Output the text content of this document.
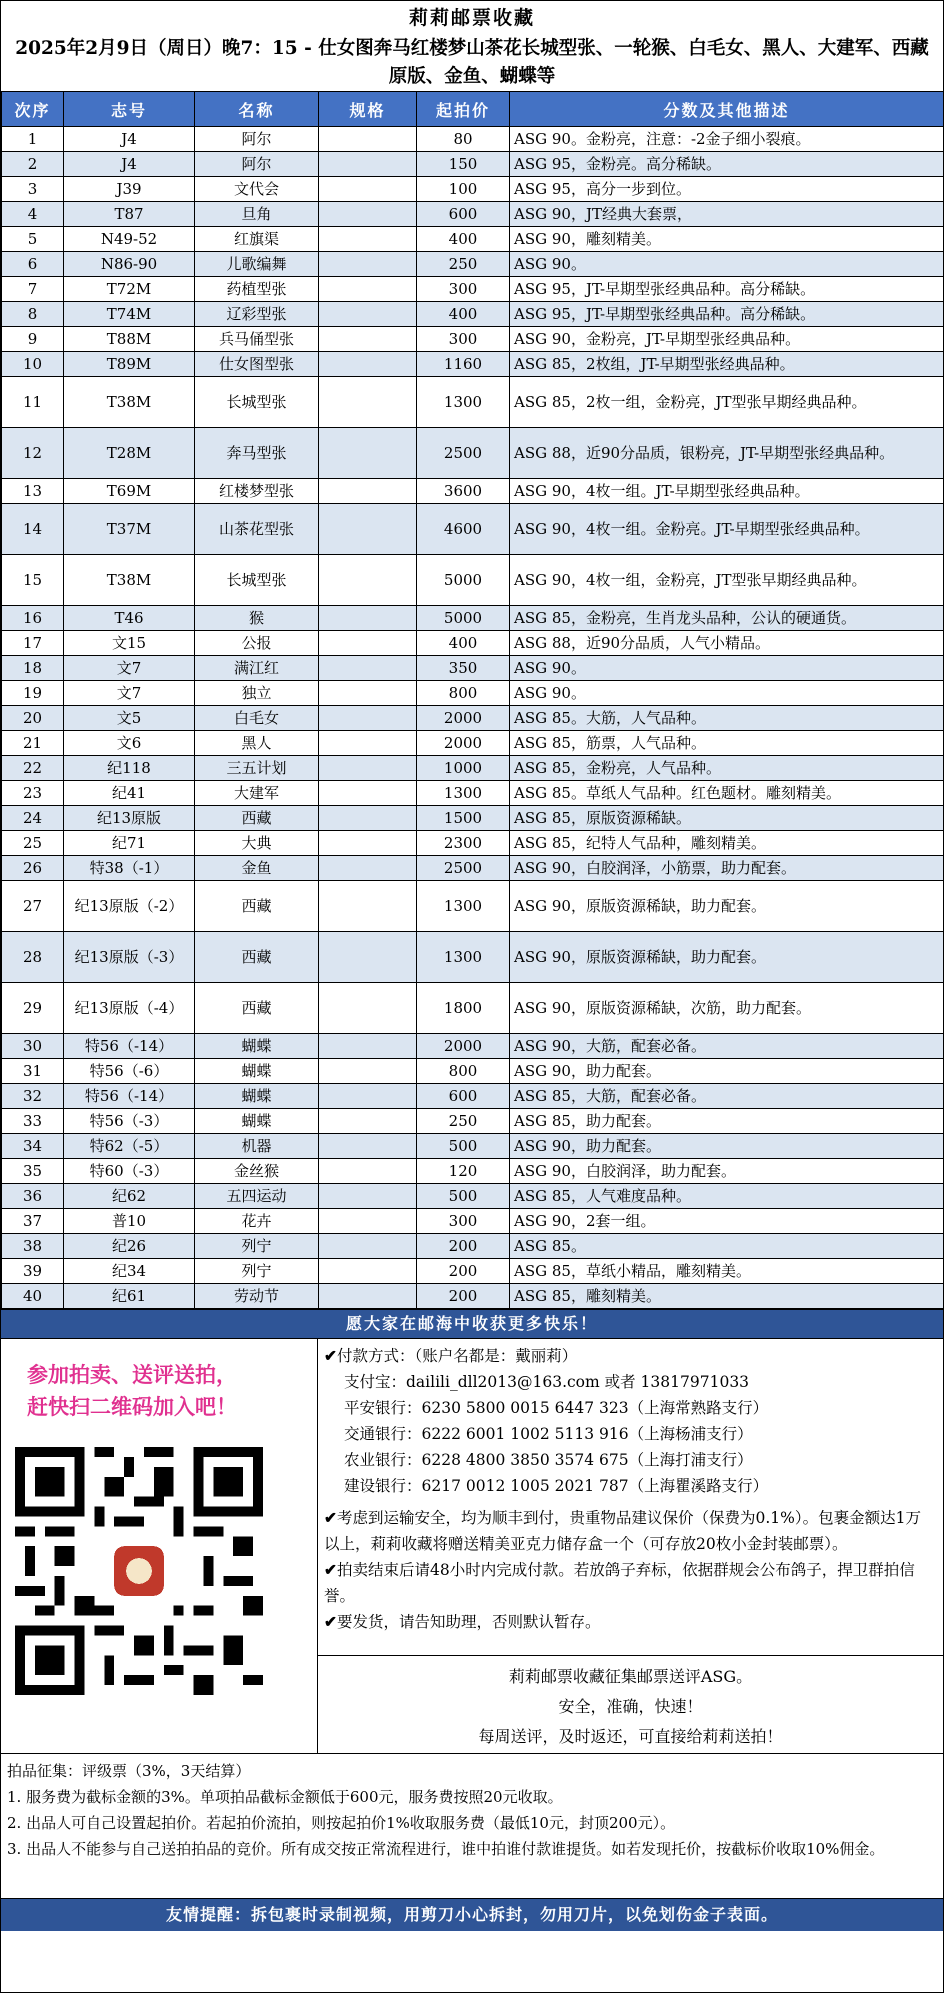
莉莉邮票收藏
2025年2月9日（周日）晚7：15 - 仕女图奔马红楼梦山茶花长城型张、一轮猴、白毛女、黑人、大建军、西藏原版、金鱼、蝴蝶等
次序	志号	名称	规格	起拍价	分数及其他描述
1	J4	阿尔		80	ASG 90。金粉亮，注意：-2金子细小裂痕。
2	J4	阿尔		150	ASG 95，金粉亮。高分稀缺。
3	J39	文代会		100	ASG 95，高分一步到位。
4	T87	旦角		600	ASG 90，JT经典大套票，
5	N49-52	红旗渠		400	ASG 90，雕刻精美。
6	N86-90	儿歌编舞		250	ASG 90。
7	T72M	药植型张		300	ASG 95，JT-早期型张经典品种。高分稀缺。
8	T74M	辽彩型张		400	ASG 95，JT-早期型张经典品种。高分稀缺。
9	T88M	兵马俑型张		300	ASG 90，金粉亮，JT-早期型张经典品种。
10	T89M	仕女图型张		1160	ASG 85，2枚组，JT-早期型张经典品种。
11	T38M	长城型张		1300	ASG 85，2枚一组，金粉亮，JT型张早期经典品种。
12	T28M	奔马型张		2500	ASG 88，近90分品质，银粉亮，JT-早期型张经典品种。
13	T69M	红楼梦型张		3600	ASG 90，4枚一组。JT-早期型张经典品种。
14	T37M	山茶花型张		4600	ASG 90，4枚一组。金粉亮。JT-早期型张经典品种。
15	T38M	长城型张		5000	ASG 90，4枚一组，金粉亮，JT型张早期经典品种。
16	T46	猴		5000	ASG 85，金粉亮，生肖龙头品种，公认的硬通货。
17	文15	公报		400	ASG 88，近90分品质，人气小精品。
18	文7	满江红		350	ASG 90。
19	文7	独立		800	ASG 90。
20	文5	白毛女		2000	ASG 85。大筋，人气品种。
21	文6	黑人		2000	ASG 85，筋票，人气品种。
22	纪118	三五计划		1000	ASG 85，金粉亮，人气品种。
23	纪41	大建军		1300	ASG 85。草纸人气品种。红色题材。雕刻精美。
24	纪13原版	西藏		1500	ASG 85，原版资源稀缺。
25	纪71	大典		2300	ASG 85，纪特人气品种，雕刻精美。
26	特38（-1）	金鱼		2500	ASG 90，白胶润泽，小筋票，助力配套。
27	纪13原版（-2）	西藏		1300	ASG 90，原版资源稀缺，助力配套。
28	纪13原版（-3）	西藏		1300	ASG 90，原版资源稀缺，助力配套。
29	纪13原版（-4）	西藏		1800	ASG 90，原版资源稀缺，次筋，助力配套。
30	特56（-14）	蝴蝶		2000	ASG 90，大筋，配套必备。
31	特56（-6）	蝴蝶		800	ASG 90，助力配套。
32	特56（-14）	蝴蝶		600	ASG 85，大筋，配套必备。
33	特56（-3）	蝴蝶		250	ASG 85，助力配套。
34	特62（-5）	机器		500	ASG 90，助力配套。
35	特60（-3）	金丝猴		120	ASG 90，白胶润泽，助力配套。
36	纪62	五四运动		500	ASG 85，人气难度品种。
37	普10	花卉		300	ASG 90，2套一组。
38	纪26	列宁		200	ASG 85。
39	纪34	列宁		200	ASG 85，草纸小精品，雕刻精美。
40	纪61	劳动节		200	ASG 85，雕刻精美。
愿大家在邮海中收获更多快乐！
参加拍卖、送评送拍，
赶快扫二维码加入吧！
✔付款方式：（账户名都是：戴丽莉）
支付宝：dailili_dll2013@163.com 或者 13817971033
平安银行：6230 5800 0015 6447 323（上海常熟路支行）
交通银行：6222 6001 1002 5113 916（上海杨浦支行）
农业银行：6228 4800 3850 3574 675（上海打浦支行）
建设银行：6217 0012 1005 2021 787（上海瞿溪路支行）
✔考虑到运输安全，均为顺丰到付，贵重物品建议保价（保费为0.1%）。包裹金额达1万以上，莉莉收藏将赠送精美亚克力储存盒一个（可存放20枚小金封装邮票）。
✔拍卖结束后请48小时内完成付款。若放鸽子弃标，依据群规会公布鸽子，捍卫群拍信誉。
✔要发货，请告知助理，否则默认暂存。
莉莉邮票收藏征集邮票送评ASG。
安全，准确，快速！
每周送评，及时返还，可直接给莉莉送拍！
拍品征集：评级票（3%，3天结算）
1. 服务费为截标金额的3%。单项拍品截标金额低于600元，服务费按照20元收取。
2. 出品人可自己设置起拍价。若起拍价流拍，则按起拍价1%收取服务费（最低10元，封顶200元）。
3. 出品人不能参与自己送拍拍品的竞价。所有成交按正常流程进行，谁中拍谁付款谁提货。如若发现托价，按截标价收取10%佣金。
友情提醒：拆包裹时录制视频，用剪刀小心拆封，勿用刀片，以免划伤金子表面。
